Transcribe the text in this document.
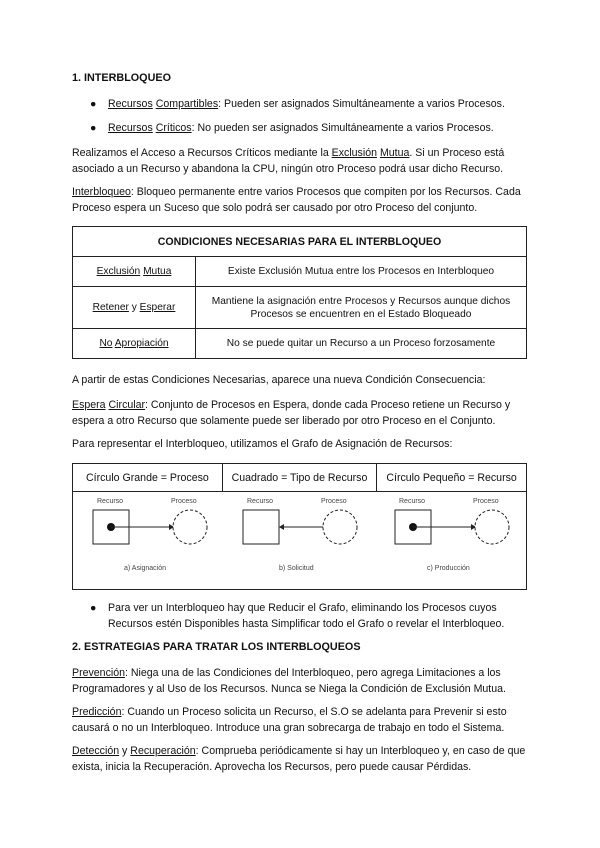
1. INTERBLOQUEO
● Recursos Compartibles: Pueden ser asignados Simultáneamente a varios Procesos.
● Recursos Críticos: No pueden ser asignados Simultáneamente a varios Procesos.
Realizamos el Acceso a Recursos Críticos mediante la Exclusión Mutua. Si un Proceso está asociado a un Recurso y abandona la CPU, ningún otro Proceso podrá usar dicho Recurso.
Interbloqueo: Bloqueo permanente entre varios Procesos que compiten por los Recursos. Cada Proceso espera un Suceso que solo podrá ser causado por otro Proceso del conjunto.
CONDICIONES NECESARIAS PARA EL INTERBLOQUEO	
Exclusión Mutua	Existe Exclusión Mutua entre los Procesos en Interbloqueo
Retener y Esperar	Mantiene la asignación entre Procesos y Recursos aunque dichos Procesos se encuentren en el Estado Bloqueado
No Apropiación	No se puede quitar un Recurso a un Proceso forzosamente
A partir de estas Condiciones Necesarias, aparece una nueva Condición Consecuencia:
Espera Circular: Conjunto de Procesos en Espera, donde cada Proceso retiene un Recurso y espera a otro Recurso que solamente puede ser liberado por otro Proceso en el Conjunto.
Para representar el Interbloqueo, utilizamos el Grafo de Asignación de Recursos:
Círculo Grande = Proceso	Cuadrado = Tipo de Recurso	Círculo Pequeño = Recurso

Recurso	Proceso
a) Asignación
Recurso	Proceso
b) Solicitud
Recurso	Proceso
c) Producción
● Para ver un Interbloqueo hay que Reducir el Grafo, eliminando los Procesos cuyos Recursos estén Disponibles hasta Simplificar todo el Grafo o revelar el Interbloqueo.
2. ESTRATEGIAS PARA TRATAR LOS INTERBLOQUEOS
Prevención: Niega una de las Condiciones del Interbloqueo, pero agrega Limitaciones a los Programadores y al Uso de los Recursos. Nunca se Niega la Condición de Exclusión Mutua.
Predicción: Cuando un Proceso solicita un Recurso, el S.O se adelanta para Prevenir si esto causará o no un Interbloqueo. Introduce una gran sobrecarga de trabajo en todo el Sistema.
Detección y Recuperación: Comprueba periódicamente si hay un Interbloqueo y, en caso de que exista, inicia la Recuperación. Aprovecha los Recursos, pero puede causar Pérdidas.
